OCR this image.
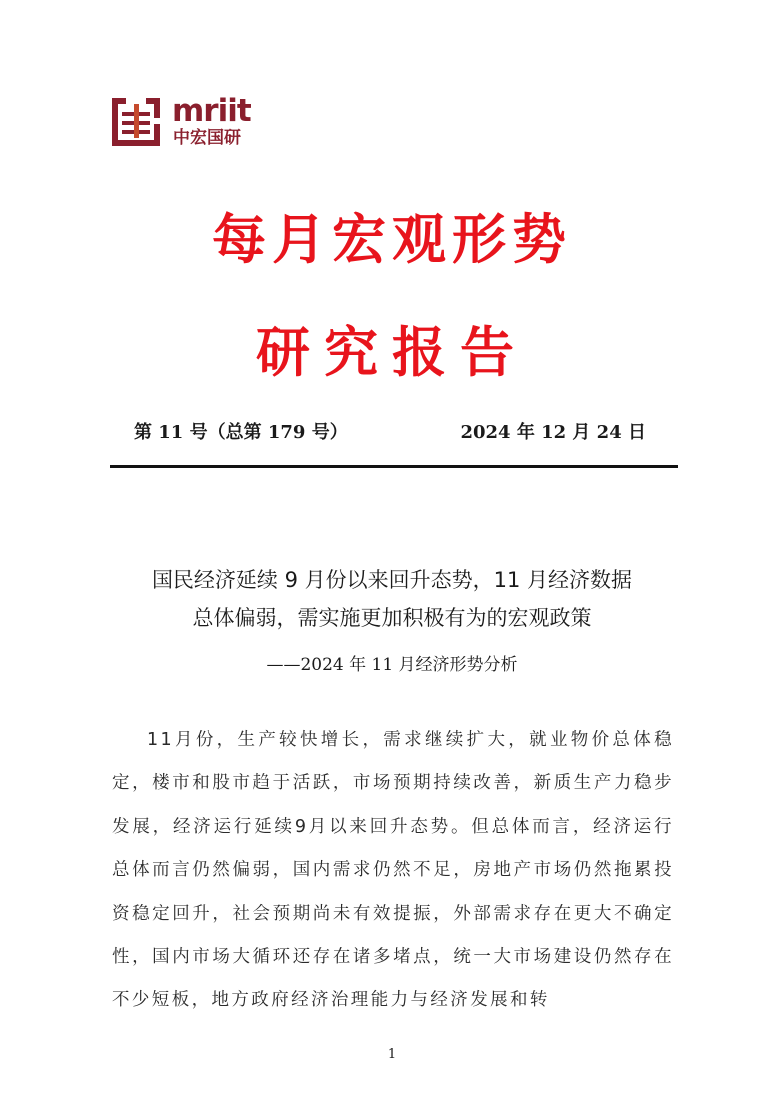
mriit
中宏国研
每月宏观形势
研究报告
第 11 号（总第 179 号）	2024 年 12 月 24 日
国民经济延续 9 月份以来回升态势，11 月经济数据
总体偏弱，需实施更加积极有为的宏观政策
——2024 年 11 月经济形势分析
11月份，生产较快增长，需求继续扩大，就业物价总体稳定，楼市和股市趋于活跃，市场预期持续改善，新质生产力稳步发展，经济运行延续9月以来回升态势。但总体而言，经济运行总体而言仍然偏弱，国内需求仍然不足，房地产市场仍然拖累投资稳定回升，社会预期尚未有效提振，外部需求存在更大不确定性，国内市场大循环还存在诸多堵点，统一大市场建设仍然存在不少短板，地方政府经济治理能力与经济发展和转
1
